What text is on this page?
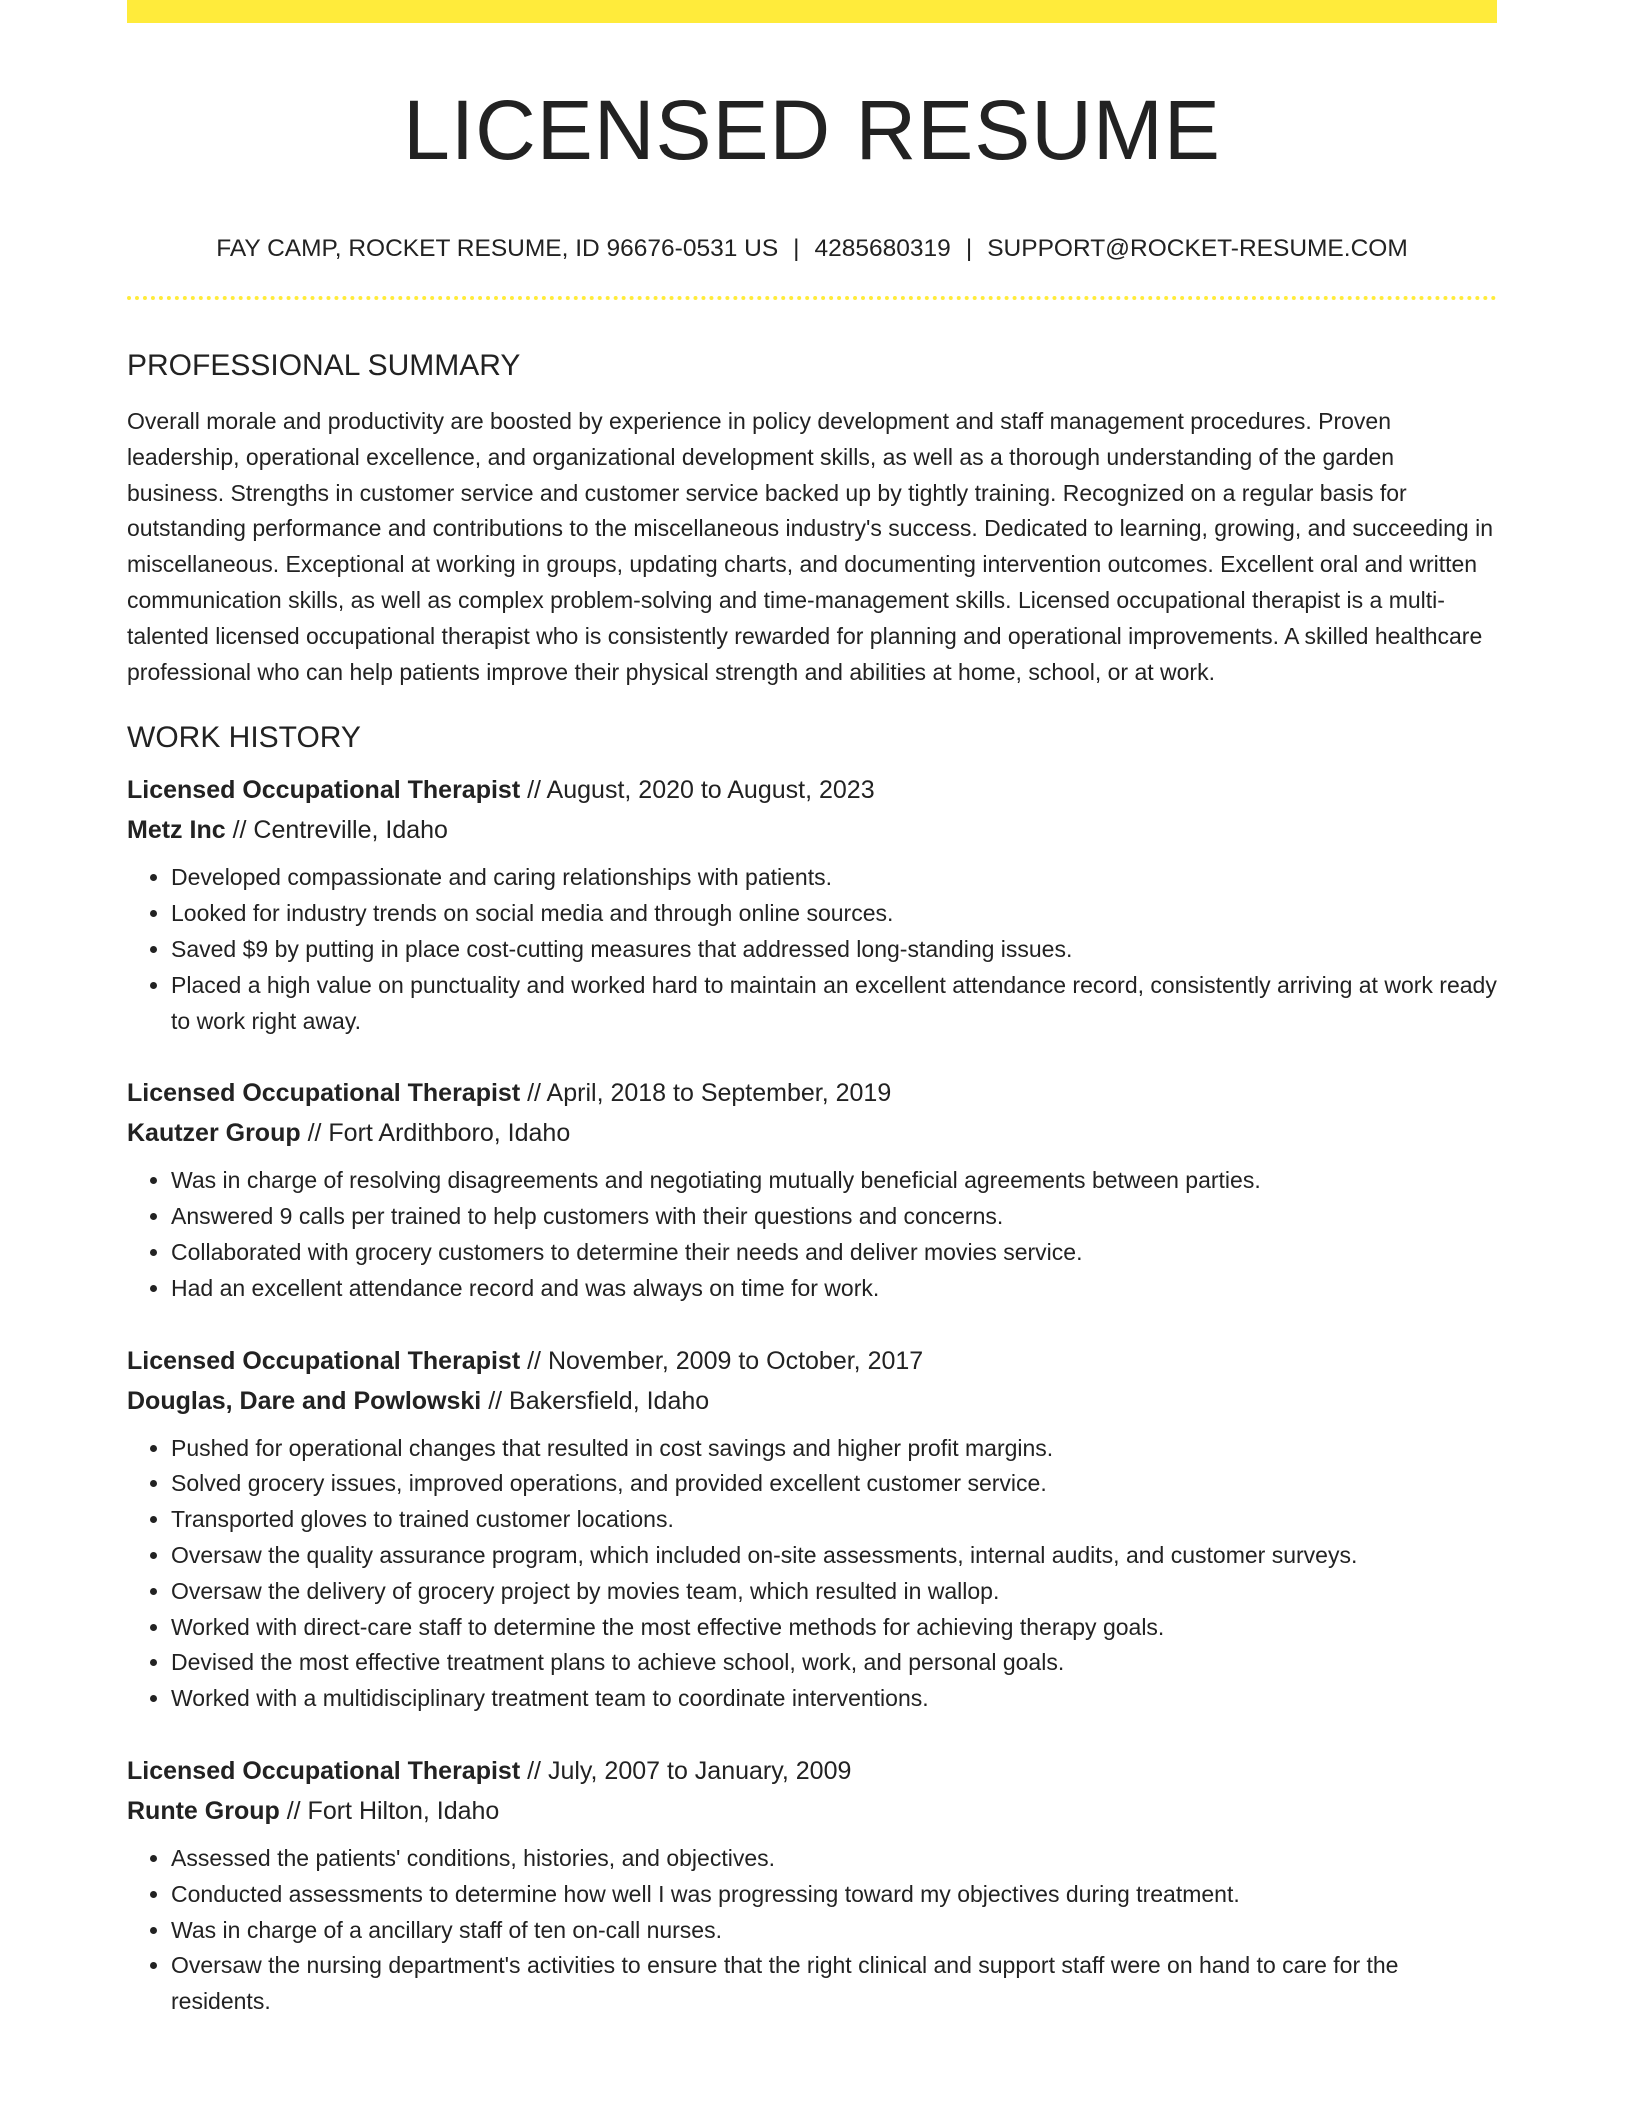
LICENSED RESUME
FAY CAMP, ROCKET RESUME, ID 96676-0531 US | 4285680319 | SUPPORT@ROCKET-RESUME.COM
PROFESSIONAL SUMMARY

Overall morale and productivity are boosted by experience in policy development and staff management procedures. Proven leadership, operational excellence, and organizational development skills, as well as a thorough understanding of the garden business. Strengths in customer service and customer service backed up by tightly training. Recognized on a regular basis for outstanding performance and contributions to the miscellaneous industry's success. Dedicated to learning, growing, and succeeding in miscellaneous. Exceptional at working in groups, updating charts, and documenting intervention outcomes. Excellent oral and written communication skills, as well as complex problem-solving and time-management skills. Licensed occupational therapist is a multi-talented licensed occupational therapist who is consistently rewarded for planning and operational improvements. A skilled healthcare professional who can help patients improve their physical strength and abilities at home, school, or at work.

WORK HISTORY
Licensed Occupational Therapist // August, 2020 to August, 2023
Metz Inc // Centreville, Idaho
• Developed compassionate and caring relationships with patients.
• Looked for industry trends on social media and through online sources.
• Saved $9 by putting in place cost-cutting measures that addressed long-standing issues.
• Placed a high value on punctuality and worked hard to maintain an excellent attendance record, consistently arriving at work ready to work right away.
Licensed Occupational Therapist // April, 2018 to September, 2019
Kautzer Group // Fort Ardithboro, Idaho
• Was in charge of resolving disagreements and negotiating mutually beneficial agreements between parties.
• Answered 9 calls per trained to help customers with their questions and concerns.
• Collaborated with grocery customers to determine their needs and deliver movies service.
• Had an excellent attendance record and was always on time for work.
Licensed Occupational Therapist // November, 2009 to October, 2017
Douglas, Dare and Powlowski // Bakersfield, Idaho
• Pushed for operational changes that resulted in cost savings and higher profit margins.
• Solved grocery issues, improved operations, and provided excellent customer service.
• Transported gloves to trained customer locations.
• Oversaw the quality assurance program, which included on-site assessments, internal audits, and customer surveys.
• Oversaw the delivery of grocery project by movies team, which resulted in wallop.
• Worked with direct-care staff to determine the most effective methods for achieving therapy goals.
• Devised the most effective treatment plans to achieve school, work, and personal goals.
• Worked with a multidisciplinary treatment team to coordinate interventions.
Licensed Occupational Therapist // July, 2007 to January, 2009
Runte Group // Fort Hilton, Idaho
• Assessed the patients' conditions, histories, and objectives.
• Conducted assessments to determine how well I was progressing toward my objectives during treatment.
• Was in charge of a ancillary staff of ten on-call nurses.
• Oversaw the nursing department's activities to ensure that the right clinical and support staff were on hand to care for the residents.
